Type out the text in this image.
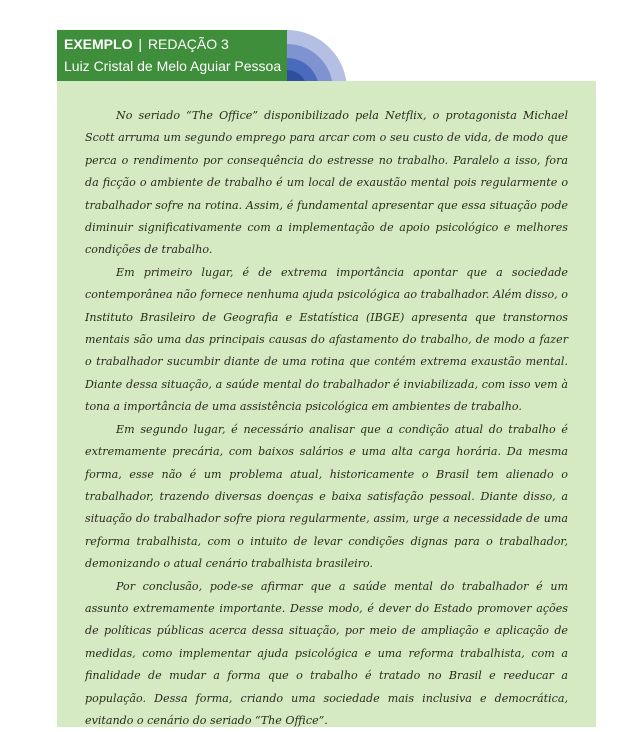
EXEMPLO | REDAÇÃO 3
Luiz Cristal de Melo Aguiar Pessoa

No seriado “The Office” disponibilizado pela Netflix, o protagonista Michael Scott arruma um segundo emprego para arcar com o seu custo de vida, de modo que perca o rendimento por consequência do estresse no trabalho. Paralelo a isso, fora da ficção o ambiente de trabalho é um local de exaustão mental pois regularmente o trabalhador sofre na rotina. Assim, é fundamental apresentar que essa situação pode diminuir significativamente com a implementação de apoio psicológico e melhores condições de trabalho.

Em primeiro lugar, é de extrema importância apontar que a sociedade contemporânea não fornece nenhuma ajuda psicológica ao trabalhador. Além disso, o Instituto Brasileiro de Geografia e Estatística (IBGE) apresenta que transtornos mentais são uma das principais causas do afastamento do trabalho, de modo a fazer o trabalhador sucumbir diante de uma rotina que contém extrema exaustão mental. Diante dessa situação, a saúde mental do trabalhador é inviabilizada, com isso vem à tona a importância de uma assistência psicológica em ambientes de trabalho.

Em segundo lugar, é necessário analisar que a condição atual do trabalho é extremamente precária, com baixos salários e uma alta carga horária. Da mesma forma, esse não é um problema atual, historicamente o Brasil tem alienado o trabalhador, trazendo diversas doenças e baixa satisfação pessoal. Diante disso, a situação do trabalhador sofre piora regularmente, assim, urge a necessidade de uma reforma trabalhista, com o intuito de levar condições dignas para o trabalhador, demonizando o atual cenário trabalhista brasileiro.

Por conclusão, pode-se afirmar que a saúde mental do trabalhador é um assunto extremamente importante. Desse modo, é dever do Estado promover ações de políticas públicas acerca dessa situação, por meio de ampliação e aplicação de medidas, como implementar ajuda psicológica e uma reforma trabalhista, com a finalidade de mudar a forma que o trabalho é tratado no Brasil e reeducar a população. Dessa forma, criando uma sociedade mais inclusiva e democrática, evitando o cenário do seriado “The Office”.
